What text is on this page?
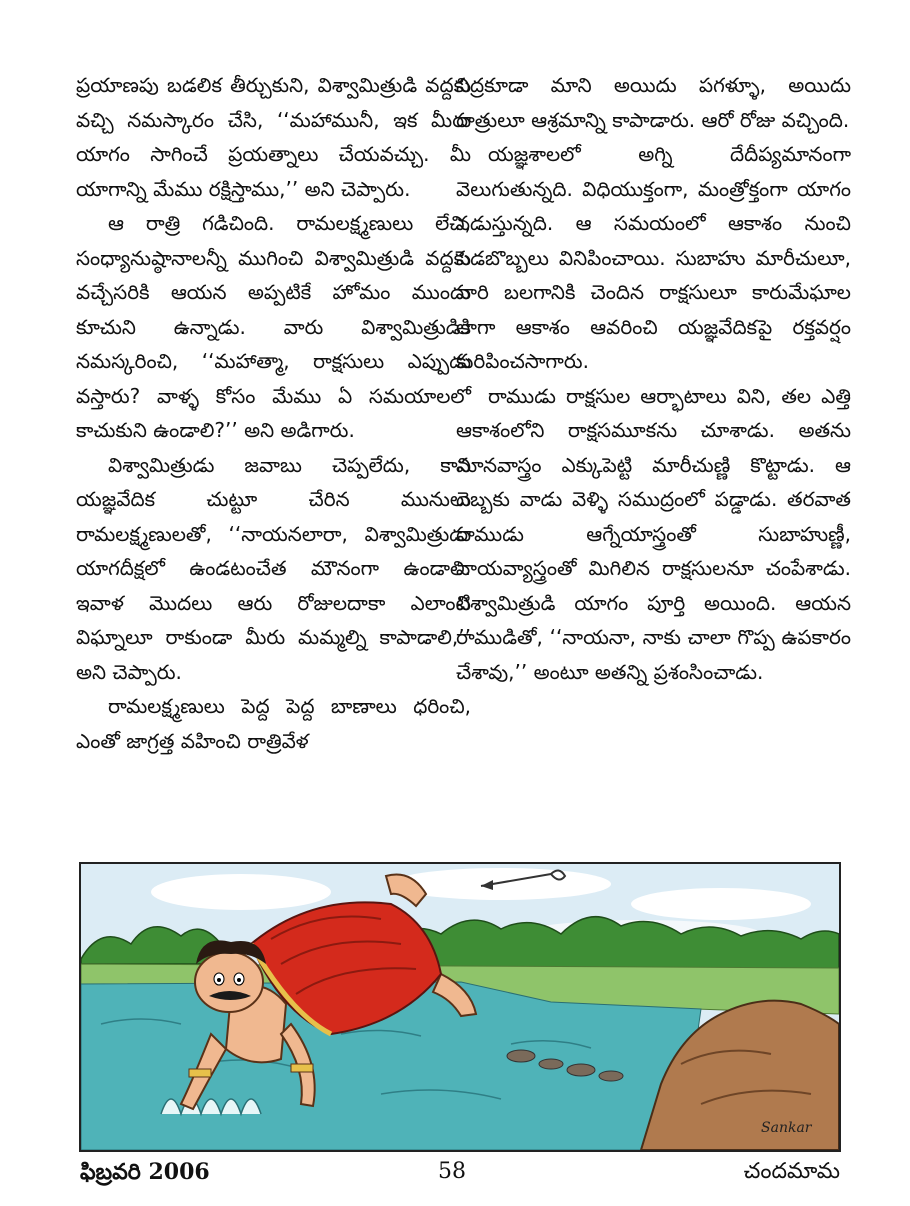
ప్రయాణపు బడలిక తీర్చుకుని, విశ్వామిత్రుడి వద్దకు వచ్చి నమస్కారం చేసి, ‘‘మహామునీ, ఇక మీరు యాగం సాగించే ప్రయత్నాలు చేయవచ్చు. మీ యాగాన్ని మేము రక్షిస్తాము,’’ అని చెప్పారు.

ఆ రాత్రి గడిచింది. రామలక్ష్మణులు లేచి, సంధ్యానుష్ఠానాలన్నీ ముగించి విశ్వామిత్రుడి వద్దకు వచ్చేసరికి ఆయన అప్పటికే హోమం ముందు కూచుని ఉన్నాడు. వారు విశ్వామిత్రుడికి నమస్కరించి, ‘‘మహాత్మా, రాక్షసులు ఎప్పుడు వస్తారు? వాళ్ళ కోసం మేము ఏ సమయాలలో కాచుకుని ఉండాలి?’’ అని అడిగారు.

విశ్వామిత్రుడు జవాబు చెప్పలేదు, కాని యజ్ఞవేదిక చుట్టూ చేరిన మునులు రామలక్ష్మణులతో, ‘‘నాయనలారా, విశ్వామిత్రుడు యాగదీక్షలో ఉండటంచేత మౌనంగా ఉండాలి. ఇవాళ మొదలు ఆరు రోజులదాకా ఎలాంటి విఘ్నాలూ రాకుండా మీరు మమ్మల్ని కాపాడాలి,’’ అని చెప్పారు.

రామలక్ష్మణులు పెద్ద పెద్ద బాణాలు ధరించి, ఎంతో జాగ్రత్త వహించి రాత్రివేళ

నిద్రకూడా మాని అయిదు పగళ్ళూ, అయిదు రాత్రులూ ఆశ్రమాన్ని కాపాడారు. ఆరో రోజు వచ్చింది.

యజ్ఞశాలలో అగ్ని దేదీప్యమానంగా వెలుగుతున్నది. విధియుక్తంగా, మంత్రోక్తంగా యాగం నడుస్తున్నది. ఆ సమయంలో ఆకాశం నుంచి పెడబొబ్బలు వినిపించాయి. సుబాహు మారీచులూ, వారి బలగానికి చెందిన రాక్షసులూ కారుమేఘాల లాగా ఆకాశం ఆవరించి యజ్ఞవేదికపై రక్తవర్షం కురిపించసాగారు.

రాముడు రాక్షసుల ఆర్భాటాలు విని, తల ఎత్తి ఆకాశంలోని రాక్షసమూకను చూశాడు. అతను మానవాస్త్రం ఎక్కుపెట్టి మారీచుణ్ణి కొట్టాడు. ఆ దెబ్బకు వాడు వెళ్ళి సముద్రంలో పడ్డాడు. తరవాత రాముడు ఆగ్నేయాస్త్రంతో సుబాహుణ్ణీ, వాయవ్యాస్త్రంతో మిగిలిన రాక్షసులనూ చంపేశాడు. విశ్వామిత్రుడి యాగం పూర్తి అయింది. ఆయన రాముడితో, ‘‘నాయనా, నాకు చాలా గొప్ప ఉపకారం చేశావు,’’ అంటూ అతన్ని ప్రశంసించాడు.

Sankar
ఫిబ్రవరి 2006	58	చందమామ
